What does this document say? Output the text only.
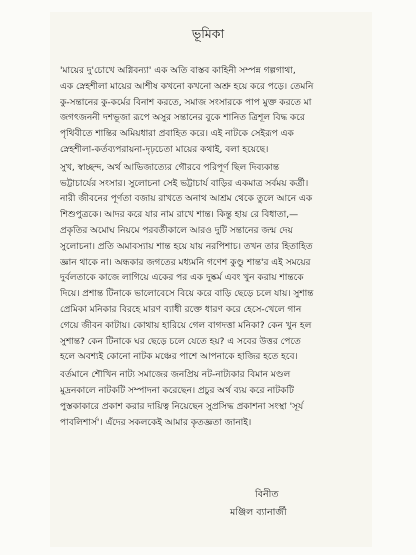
ভূমিকা
'মায়ের দু'চোখে অগ্নিবন্যা' এক অতি বাস্তব কাহিনী সম্পন্ন গল্পগাথা,
এক স্নেহশীলা মায়ের আশীষ কখনো কখনো অশ্রু হয়ে করে পড়ে। তেমনি
কু-সন্তানের কু-কর্মের বিনাশ করতে, সমাজ সংসারকে পাপ মুক্ত করতে মা
জগৎজননী দশভূজা রূপে অসুর সন্তানের বুকে শানিত ত্রিশূল বিদ্ধ করে
পৃথিবীতে শান্তির অমিয়ধারা প্রবাহিত করে। এই নাটকে সেইরূপ এক
স্নেহশীলা-কর্তব্যপরায়না-দৃঢ়চেতা মায়ের কথাই, বলা হয়েছে।
সুখ, স্বাচ্ছন্দ, অর্থ আভিজাত্যের গৌরবে পরিপূর্ণ ছিল দিব্যকান্ত
ভট্টাচার্যের সংসার। সুলোচনা সেই ভট্টাচার্য বাড়ির একমাত্র সর্বময় কর্ত্রী।
নারী জীবনের পূর্ণতা বজায় রাখতে অনাথ আশ্রম থেকে তুলে আনে এক
শিশুপুত্রকে। আদর করে যার নাম রাখে শান্ত। কিন্তু হায় রে বিধাতা,—
প্রকৃতির অমোঘ নিয়মে পরবর্তীকালে আরও দুটি সন্তানের জন্ম দেয়
সুলোচনা। প্রতি অমাবস্যায় শান্ত হয়ে যায় নরপিশাচ। তখন তার হিতাহিত
জ্ঞান থাকে না। অন্ধকার জগতের মধ্যমনি গণেশ কুণ্ডু শান্ত'র এই সময়ের
দুর্বলতাকে কাজে লাগিয়ে একের পর এক দুষ্কর্ম এবং খুন করায় শান্তকে
দিয়ে। প্রশান্ত টিনাকে ভালোবেসে বিয়ে করে বাড়ি ছেড়ে চলে যায়। সুশান্ত
প্রেমিকা মনিকার বিরহে মারণ ব্যাধী রক্তে ধারণ করে হেসে-খেলে গান
গেয়ে জীবন কাটায়। কোথায় হারিয়ে গেল বাগদত্তা মনিকা? কেন খুন হল
সুশান্ত? কেন টিনাকে ঘর ছেড়ে চলে যেতে হয়? এ সবের উত্তর পেতে
হলে অবশ্যই কোনো নাটক মঞ্চের পাশে আপনাকে হাজির হতে হবে।
বর্তমানে শৌখিন নাট্য সমাজের জনপ্রিয় নট-নাট্যকার বিমান মণ্ডল
মুদ্রনকালে নাটকটি সম্পাদনা করেছেন। প্রচুর অর্থ ব্যয় করে নাটকটি
পুস্তকাকারে প্রকাশ করার দায়িত্ব নিয়েছেন সুপ্রসিদ্ধ প্রকাশনা সংস্থা 'সূর্য
পাবলিশার্স'। এঁদের সকলকেই আমার কৃতজ্ঞতা জানাই।
বিনীত
মঞ্জিল ব্যানার্জী
